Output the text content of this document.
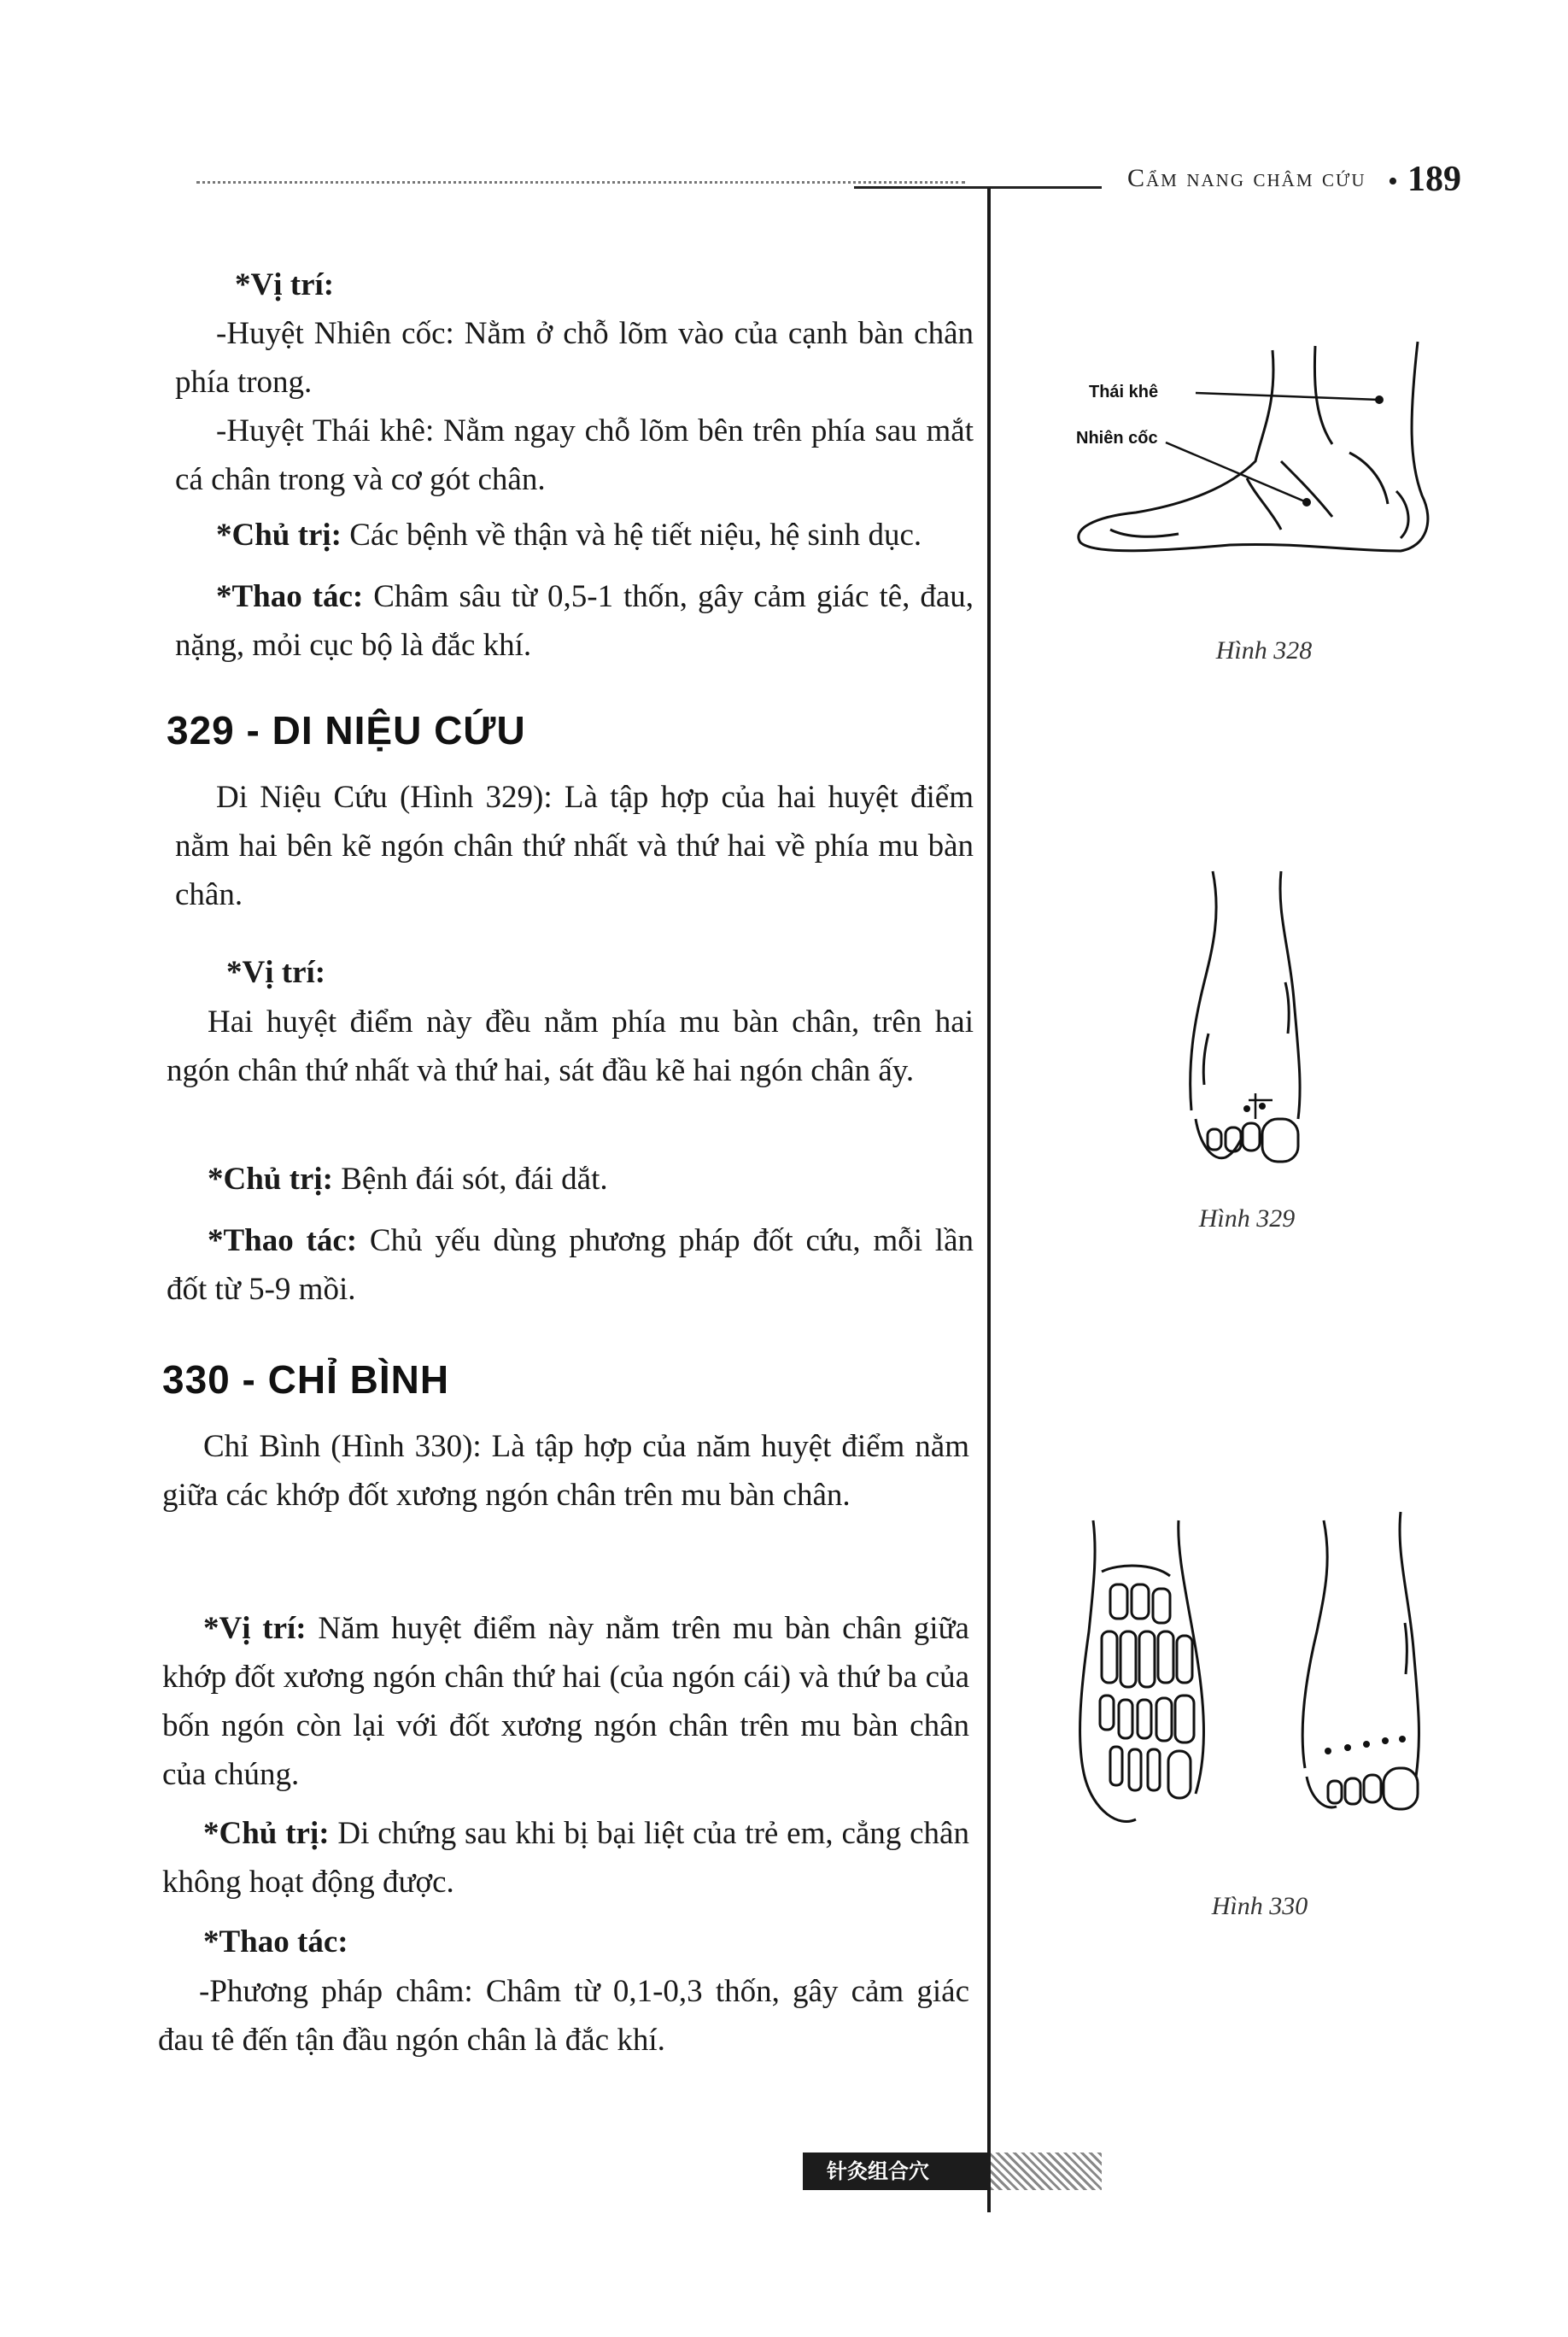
Cẩm nang châm cứu • 189
*Vị trí:
-Huyệt Nhiên cốc: Nằm ở chỗ lõm vào của cạnh bàn chân phía trong.
-Huyệt Thái khê: Nằm ngay chỗ lõm bên trên phía sau mắt cá chân trong và cơ gót chân.
*Chủ trị: Các bệnh về thận và hệ tiết niệu, hệ sinh dục.
*Thao tác: Châm sâu từ 0,5-1 thốn, gây cảm giác tê, đau, nặng, mỏi cục bộ là đắc khí.
329 - DI NIỆU CỨU
Di Niệu Cứu (Hình 329): Là tập hợp của hai huyệt điểm nằm hai bên kẽ ngón chân thứ nhất và thứ hai về phía mu bàn chân.
*Vị trí:
Hai huyệt điểm này đều nằm phía mu bàn chân, trên hai ngón chân thứ nhất và thứ hai, sát đầu kẽ hai ngón chân ấy.
*Chủ trị: Bệnh đái sót, đái dắt.
*Thao tác: Chủ yếu dùng phương pháp đốt cứu, mỗi lần đốt từ 5-9 mồi.
330 - CHỈ BÌNH
Chỉ Bình (Hình 330): Là tập hợp của năm huyệt điểm nằm giữa các khớp đốt xương ngón chân trên mu bàn chân.
*Vị trí: Năm huyệt điểm này nằm trên mu bàn chân giữa khớp đốt xương ngón chân thứ hai (của ngón cái) và thứ ba của bốn ngón còn lại với đốt xương ngón chân trên mu bàn chân của chúng.
*Chủ trị: Di chứng sau khi bị bại liệt của trẻ em, cẳng chân không hoạt động được.
*Thao tác:
-Phương pháp châm: Châm từ 0,1-0,3 thốn, gây cảm giác đau tê đến tận đầu ngón chân là đắc khí.
Thái khê
Nhiên cốc
Hình 328
Hình 329
Hình 330
针灸组合穴
